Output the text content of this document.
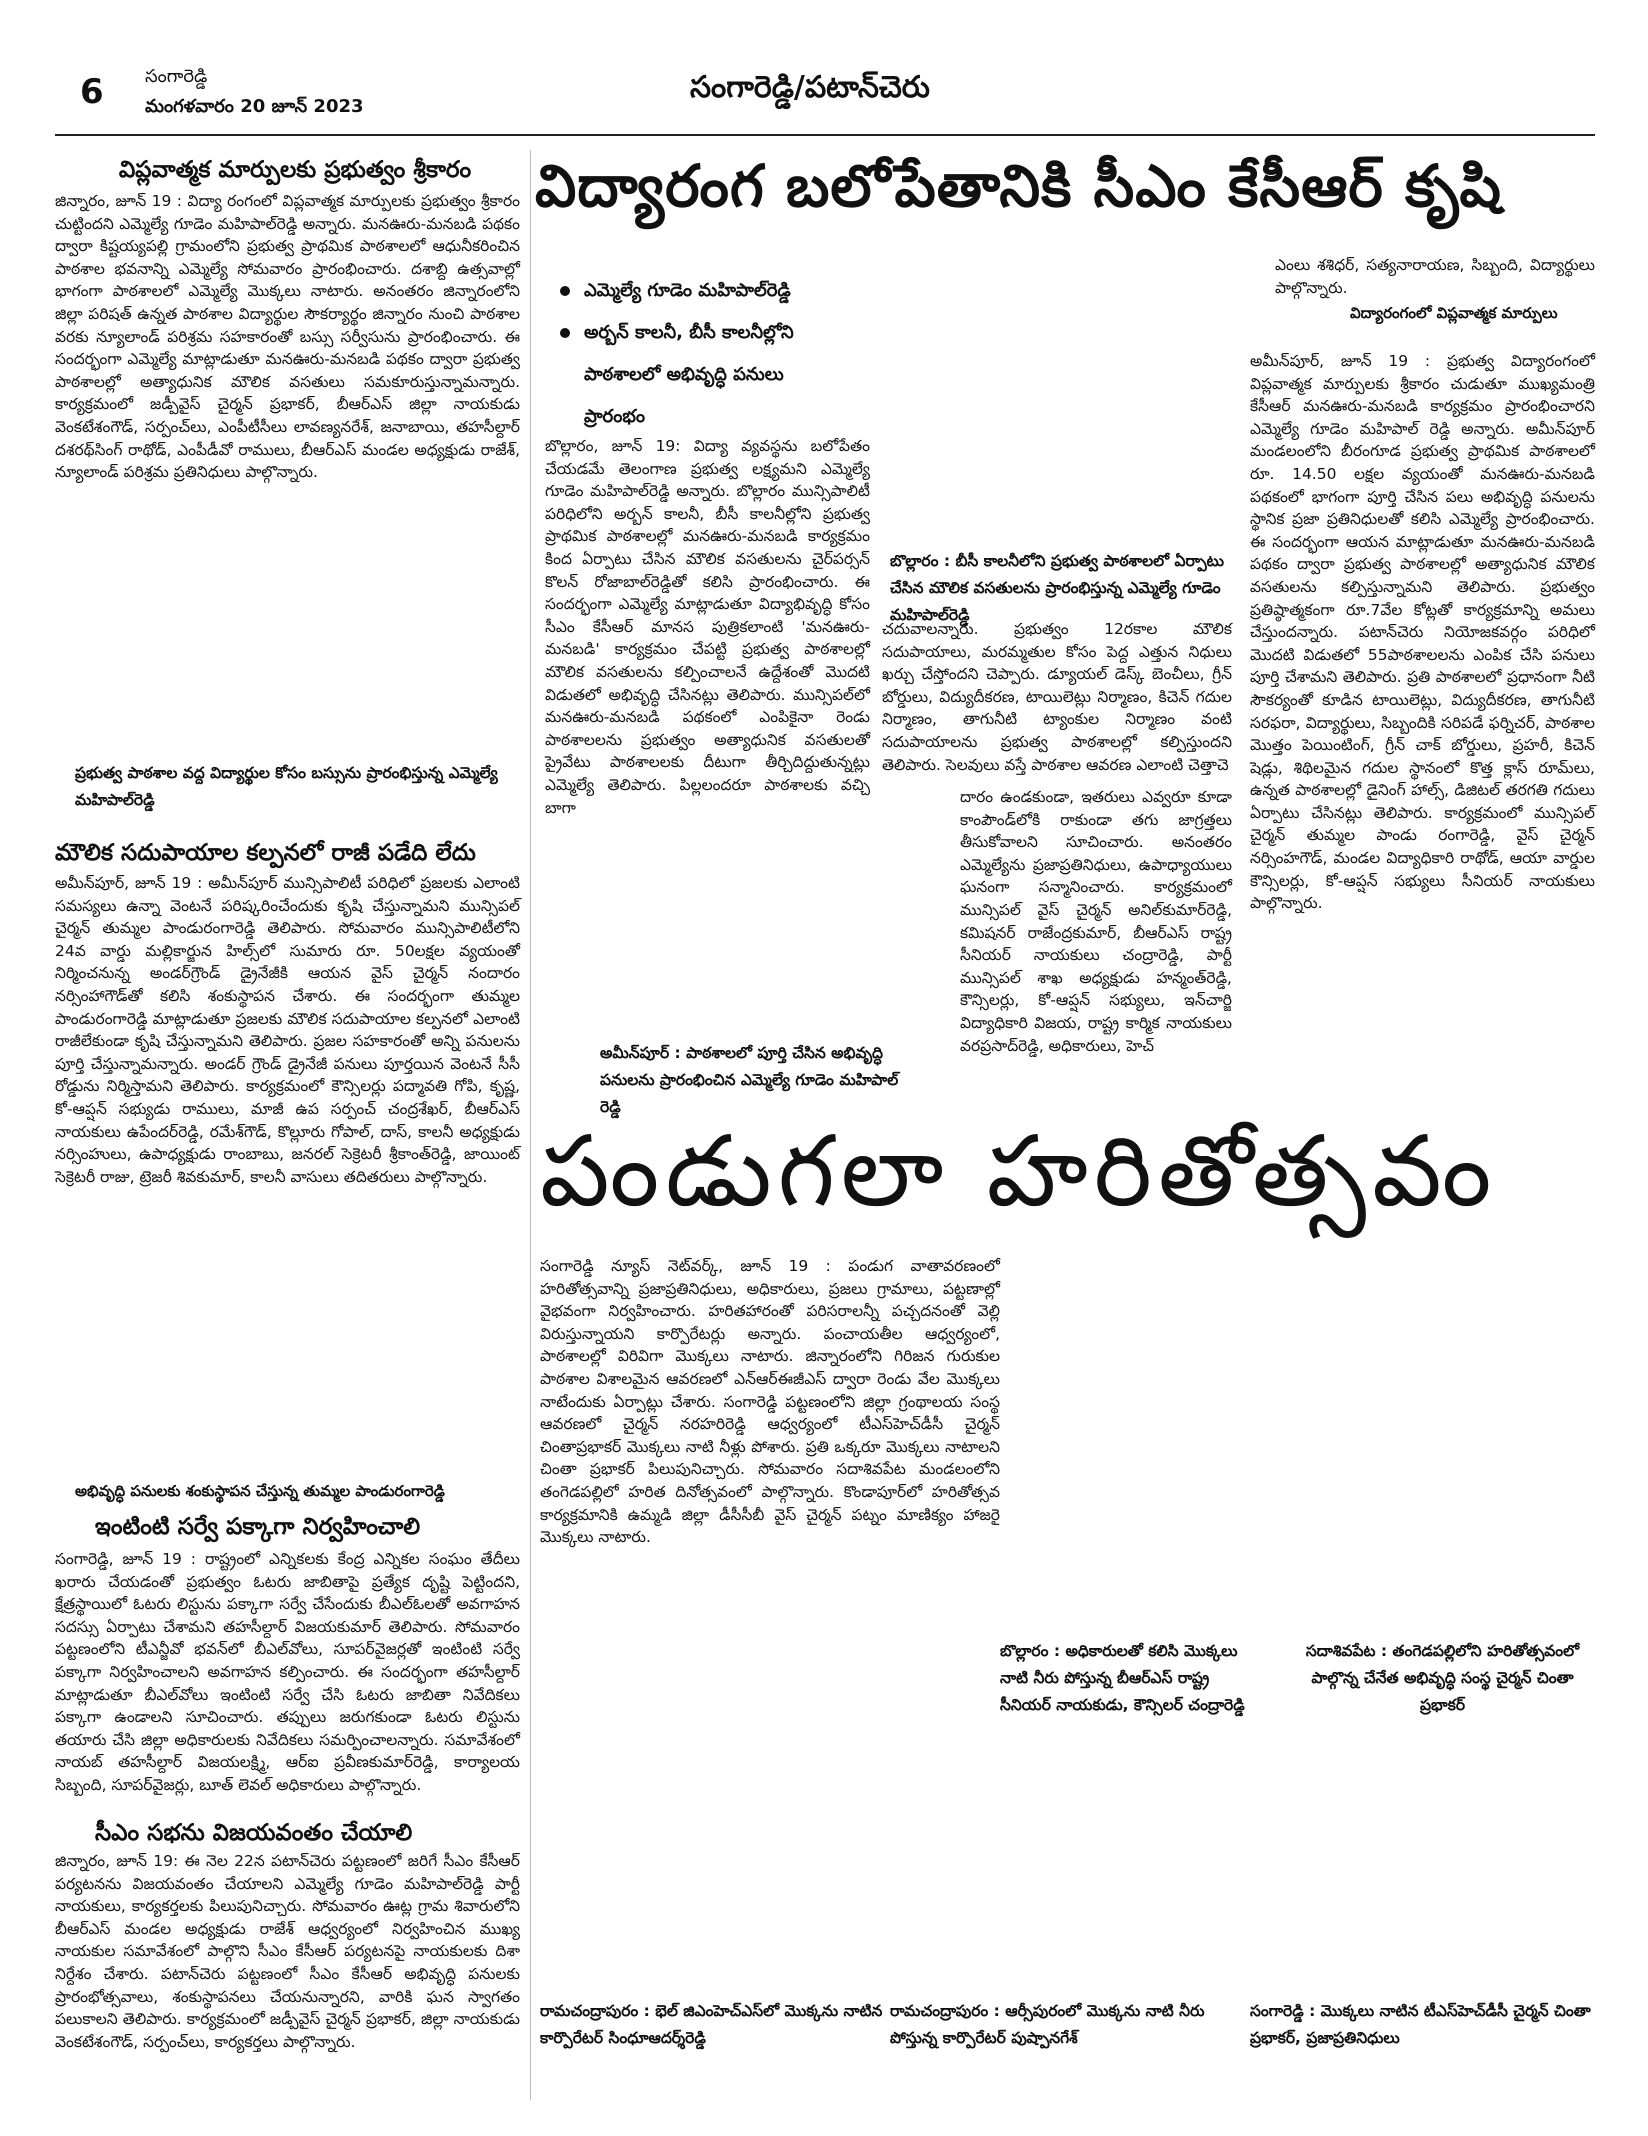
6 సంగారెడ్డి
మంగళవారం 20 జూన్ 2023
సంగారెడ్డి/పటాన్‌చెరు
విప్లవాత్మక మార్పులకు ప్రభుత్వం శ్రీకారం
జిన్నారం, జూన్ 19 : విద్యా రంగంలో విప్లవాత్మక మార్పులకు ప్రభుత్వం శ్రీకారం చుట్టిందని ఎమ్మెల్యే గూడెం మహిపాల్‌రెడ్డి అన్నారు. మనఊరు-మనబడి పథకం ద్వారా కిష్టయ్యపల్లి గ్రామంలోని ప్రభుత్వ ప్రాథమిక పాఠశాలలో ఆధునీకరించిన పాఠశాల భవనాన్ని ఎమ్మెల్యే సోమవారం ప్రారంభించారు. దశాబ్ది ఉత్సవాల్లో భాగంగా పాఠశాలలో ఎమ్మెల్యే మొక్కలు నాటారు. అనంతరం జిన్నారంలోని జిల్లా పరిషత్ ఉన్నత పాఠశాల విద్యార్థుల సౌకర్యార్థం జిన్నారం నుంచి పాఠశాల వరకు న్యూలాండ్ పరిశ్రమ సహకారంతో బస్సు సర్వీసును ప్రారంభించారు. ఈ సందర్భంగా ఎమ్మెల్యే మాట్లాడుతూ మనఊరు-మనబడి పథకం ద్వారా ప్రభుత్వ పాఠశాలల్లో అత్యాధునిక మౌలిక వసతులు సమకూరుస్తున్నామన్నారు. కార్యక్రమంలో జడ్పీవైస్ చైర్మన్ ప్రభాకర్, బీఆర్ఎస్ జిల్లా నాయకుడు వెంకటేశంగౌడ్, సర్పంచ్‌లు, ఎంపీటీసీలు లావణ్యనరేశ్, జనాబాయి, తహసీల్దార్ దశరథ్‌సింగ్ రాథోడ్, ఎంపీడీవో రాములు, బీఆర్ఎస్ మండల అధ్యక్షుడు రాజేశ్, న్యూలాండ్ పరిశ్రమ ప్రతినిధులు పాల్గొన్నారు.
ప్రభుత్వ పాఠశాల వద్ద విద్యార్థుల కోసం బస్సును ప్రారంభిస్తున్న ఎమ్మెల్యే మహిపాల్‌రెడ్డి
మౌలిక సదుపాయాల కల్పనలో రాజీ పడేది లేదు
అమీన్‌పూర్, జూన్ 19 : అమీన్‌పూర్ మున్సిపాలిటీ పరిధిలో ప్రజలకు ఎలాంటి సమస్యలు ఉన్నా వెంటనే పరిష్కరించేందుకు కృషి చేస్తున్నామని మున్సిపల్ చైర్మన్ తుమ్మల పాండురంగారెడ్డి తెలిపారు. సోమవారం మున్సిపాలిటీలోని 24వ వార్డు మల్లికార్జున హిల్స్‌లో సుమారు రూ. 50లక్షల వ్యయంతో నిర్మించనున్న అండర్‌గ్రౌండ్ డ్రైనేజీకి ఆయన వైస్ చైర్మన్ నందారం నర్సింహాగౌడ్‌తో కలిసి శంకుస్థాపన చేశారు. ఈ సందర్భంగా తుమ్మల పాండురంగారెడ్డి మాట్లాడుతూ ప్రజలకు మౌలిక సదుపాయాల కల్పనలో ఎలాంటి రాజీలేకుండా కృషి చేస్తున్నామని తెలిపారు. ప్రజల సహకారంతో అన్ని పనులను పూర్తి చేస్తున్నామన్నారు. అండర్ గ్రౌండ్ డ్రైనేజీ పనులు పూర్తయిన వెంటనే సీసీ రోడ్డును నిర్మిస్తామని తెలిపారు. కార్యక్రమంలో కౌన్సిలర్లు పద్మావతి గోపి, కృష్ణ, కో-ఆప్షన్ సభ్యుడు రాములు, మాజీ ఉప సర్పంచ్ చంద్రశేఖర్, బీఆర్ఎస్ నాయకులు ఉపేందర్‌రెడ్డి, రమేశ్‌గౌడ్, కొల్లూరు గోపాల్, దాస్, కాలనీ అధ్యక్షుడు నర్సింహులు, ఉపాధ్యక్షుడు రాంబాబు, జనరల్ సెక్రెటరీ శ్రీకాంత్‌రెడ్డి, జాయింట్ సెక్రెటరీ రాజు, ట్రెజరీ శివకుమార్, కాలనీ వాసులు తదితరులు పాల్గొన్నారు.
అభివృద్ధి పనులకు శంకుస్థాపన చేస్తున్న తుమ్మల పాండురంగారెడ్డి
ఇంటింటి సర్వే పక్కాగా నిర్వహించాలి
సంగారెడ్డి, జూన్ 19 : రాష్ట్రంలో ఎన్నికలకు కేంద్ర ఎన్నికల సంఘం తేదీలు ఖరారు చేయడంతో ప్రభుత్వం ఓటరు జాబితాపై ప్రత్యేక దృష్టి పెట్టిందని, క్షేత్రస్థాయిలో ఓటరు లిస్టును పక్కాగా సర్వే చేసేందుకు బీఎల్ఓలతో అవగాహన సదస్సు ఏర్పాటు చేశామని తహసీల్దార్ విజయకుమార్ తెలిపారు. సోమవారం పట్టణంలోని టీఎన్జీవో భవన్‌లో బీఎల్‌వోలు, సూపర్‌వైజర్లతో ఇంటింటి సర్వే పక్కాగా నిర్వహించాలని అవగాహన కల్పించారు. ఈ సందర్భంగా తహసీల్దార్ మాట్లాడుతూ బీఎల్‌వోలు ఇంటింటి సర్వే చేసి ఓటరు జాబితా నివేదికలు పక్కాగా ఉండాలని సూచించారు. తప్పులు జరుగకుండా ఓటరు లిస్టును తయారు చేసి జిల్లా అధికారులకు నివేదికలు సమర్పించాలన్నారు. సమావేశంలో నాయబ్ తహసీల్దార్ విజయలక్ష్మి, ఆర్ఐ ప్రవీణకుమార్‌రెడ్డి, కార్యాలయ సిబ్బంది, సూపర్‌వైజర్లు, బూత్ లెవల్ అధికారులు పాల్గొన్నారు.
సీఎం సభను విజయవంతం చేయాలి
జిన్నారం, జూన్ 19: ఈ నెల 22న పటాన్‌చెరు పట్టణంలో జరిగే సీఎం కేసీఆర్ పర్యటనను విజయవంతం చేయాలని ఎమ్మెల్యే గూడెం మహిపాల్‌రెడ్డి పార్టీ నాయకులు, కార్యకర్తలకు పిలుపునిచ్చారు. సోమవారం ఊట్ల గ్రామ శివారులోని బీఆర్ఎస్ మండల అధ్యక్షుడు రాజేశ్ ఆధ్వర్యంలో నిర్వహించిన ముఖ్య నాయకుల సమావేశంలో పాల్గొని సీఎం కేసీఆర్ పర్యటనపై నాయకులకు దిశా నిర్దేశం చేశారు. పటాన్‌చెరు పట్టణంలో సీఎం కేసీఆర్ అభివృద్ధి పనులకు ప్రారంభోత్సవాలు, శంకుస్థాపనలు చేయనున్నారని, వారికి ఘన స్వాగతం పలుకాలని తెలిపారు. కార్యక్రమంలో జడ్పీవైస్ చైర్మన్ ప్రభాకర్, జిల్లా నాయకుడు వెంకటేశంగౌడ్, సర్పంచ్‌లు, కార్యకర్తలు పాల్గొన్నారు.
విద్యారంగ బలోపేతానికి సీఎం కేసీఆర్ కృషి
ఎమ్మెల్యే గూడెం మహిపాల్‌రెడ్డి
అర్బన్ కాలనీ, బీసీ కాలనీల్లోని
పాఠశాలలో అభివృద్ధి పనులు
ప్రారంభం
బొల్లారం, జూన్ 19: విద్యా వ్యవస్థను బలోపేతం చేయడమే తెలంగాణ ప్రభుత్వ లక్ష్యమని ఎమ్మెల్యే గూడెం మహిపాల్‌రెడ్డి అన్నారు. బొల్లారం మున్సిపాలిటీ పరిధిలోని అర్బన్ కాలనీ, బీసీ కాలనీల్లోని ప్రభుత్వ ప్రాథమిక పాఠశాలల్లో మనఊరు-మనబడి కార్యక్రమం కింద ఏర్పాటు చేసిన మౌలిక వసతులను చైర్‌పర్సన్ కొలన్ రోజాబాల్‌రెడ్డితో కలిసి ప్రారంభించారు. ఈ సందర్భంగా ఎమ్మెల్యే మాట్లాడుతూ విద్యాభివృద్ధి కోసం సీఎం కేసీఆర్ మానస పుత్రికలాంటి 'మనఊరు-మనబడి' కార్యక్రమం చేపట్టి ప్రభుత్వ పాఠశాలల్లో మౌలిక వసతులను కల్పించాలనే ఉద్దేశంతో మొదటి విడుతలో అభివృద్ధి చేసినట్లు తెలిపారు. మున్సిపల్‌లో మనఊరు-మనబడి పథకంలో ఎంపికైనా రెండు పాఠశాలలను ప్రభుత్వం అత్యాధునిక వసతులతో ప్రైవేటు పాఠశాలలకు దీటుగా తీర్చిదిద్దుతున్నట్లు ఎమ్మెల్యే తెలిపారు. పిల్లలందరూ పాఠశాలకు వచ్చి బాగా
బొల్లారం : బీసీ కాలనీలోని ప్రభుత్వ పాఠశాలలో ఏర్పాటు చేసిన మౌలిక వసతులను ప్రారంభిస్తున్న ఎమ్మెల్యే గూడెం మహిపాల్‌రెడ్డి
చదువాలన్నారు. ప్రభుత్వం 12రకాల మౌలిక సదుపాయాలు, మరమ్మతుల కోసం పెద్ద ఎత్తున నిధులు ఖర్చు చేస్తోందని చెప్పారు. డ్యూయల్ డెస్క్ బెంచీలు, గ్రీన్ బోర్డులు, విద్యుదీకరణ, టాయిలెట్లు నిర్మాణం, కిచెన్ గదుల నిర్మాణం, తాగునీటి ట్యాంకుల నిర్మాణం వంటి సదుపాయాలను ప్రభుత్వ పాఠశాలల్లో కల్పిస్తుందని తెలిపారు. సెలవులు వస్తే పాఠశాల ఆవరణ ఎలాంటి చెత్తాచె
దారం ఉండకుండా, ఇతరులు ఎవ్వరూ కూడా కాంపౌండ్‌లోకి రాకుండా తగు జాగ్రత్తలు తీసుకోవాలని సూచించారు. అనంతరం ఎమ్మెల్యేను ప్రజాప్రతినిధులు, ఉపాధ్యాయులు ఘనంగా సన్మానించారు. కార్యక్రమంలో మున్సిపల్ వైస్ చైర్మన్ అనిల్‌కుమార్‌రెడ్డి, కమిషనర్ రాజేంద్రకుమార్, బీఆర్ఎస్ రాష్ట్ర సీనియర్ నాయకులు చంద్రారెడ్డి, పార్టీ మున్సిపల్ శాఖ అధ్యక్షుడు హన్మంత్‌రెడ్డి, కౌన్సిలర్లు, కో-ఆప్షన్ సభ్యులు, ఇన్‌చార్జి విద్యాధికారి విజయ, రాష్ట్ర కార్మిక నాయకులు వరప్రసాద్‌రెడ్డి, అధికారులు, హెచ్
అమీన్‌పూర్ : పాఠశాలలో పూర్తి చేసిన అభివృద్ధి పనులను ప్రారంభించిన ఎమ్మెల్యే గూడెం మహిపాల్ రెడ్డి
ఎంలు శశిధర్, సత్యనారాయణ, సిబ్బంది, విద్యార్థులు పాల్గొన్నారు.
విద్యారంగంలో విప్లవాత్మక మార్పులు
అమీన్‌పూర్, జూన్ 19 : ప్రభుత్వ విద్యారంగంలో విప్లవాత్మక మార్పులకు శ్రీకారం చుడుతూ ముఖ్యమంత్రి కేసీఆర్ మనఊరు-మనబడి కార్యక్రమం ప్రారంభించారని ఎమ్మెల్యే గూడెం మహిపాల్ రెడ్డి అన్నారు. అమీన్‌పూర్ మండలంలోని బీరంగూడ ప్రభుత్వ ప్రాథమిక పాఠశాలలో రూ. 14.50 లక్షల వ్యయంతో మనఊరు-మనబడి పథకంలో భాగంగా పూర్తి చేసిన పలు అభివృద్ధి పనులను స్థానిక ప్రజా ప్రతినిధులతో కలిసి ఎమ్మెల్యే ప్రారంభించారు. ఈ సందర్భంగా ఆయన మాట్లాడుతూ మనఊరు-మనబడి పథకం ద్వారా ప్రభుత్వ పాఠశాలల్లో అత్యాధునిక మౌలిక వసతులను కల్పిస్తున్నామని తెలిపారు. ప్రభుత్వం ప్రతిష్ఠాత్మకంగా రూ.7వేల కోట్లతో కార్యక్రమాన్ని అమలు చేస్తుందన్నారు. పటాన్‌చెరు నియోజకవర్గం పరిధిలో మొదటి విడుతలో 55పాఠశాలలను ఎంపిక చేసి పనులు పూర్తి చేశామని తెలిపారు. ప్రతి పాఠశాలలో ప్రధానంగా నీటి సౌకర్యంతో కూడిన టాయిలెట్లు, విద్యుదీకరణ, తాగునీటి సరఫరా, విద్యార్థులు, సిబ్బందికి సరిపడే ఫర్నిచర్, పాఠశాల మొత్తం పెయింటింగ్, గ్రీన్ చాక్ బోర్డులు, ప్రహరీ, కిచెన్ షెడ్లు, శిథిలమైన గదుల స్థానంలో కొత్త క్లాస్ రూమ్‌లు, ఉన్నత పాఠశాలల్లో డైనింగ్ హాల్స్, డిజిటల్ తరగతి గదులు ఏర్పాటు చేసినట్లు తెలిపారు. కార్యక్రమంలో మున్సిపల్ చైర్మన్ తుమ్మల పాండు రంగారెడ్డి, వైస్ చైర్మన్ నర్సింహగౌడ్, మండల విద్యాధికారి రాథోడ్, ఆయా వార్డుల కౌన్సిలర్లు, కో-ఆప్షన్ సభ్యులు సీనియర్ నాయకులు పాల్గొన్నారు.
పండుగలా హరితోత్సవం
సంగారెడ్డి న్యూస్ నెట్‌వర్క్, జూన్ 19 : పండుగ వాతావరణంలో హరితోత్సవాన్ని ప్రజాప్రతినిధులు, అధికారులు, ప్రజలు గ్రామాలు, పట్టణాల్లో వైభవంగా నిర్వహించారు. హరితహారంతో పరిసరాలన్నీ పచ్చదనంతో వెల్లి విరుస్తున్నాయని కార్పొరేటర్లు అన్నారు. పంచాయతీల ఆధ్వర్యంలో, పాఠశాలల్లో విరివిగా మొక్కలు నాటారు. జిన్నారంలోని గిరిజన గురుకుల పాఠశాల విశాలమైన ఆవరణలో ఎన్ఆర్ఈజీఎస్ ద్వారా రెండు వేల మొక్కలు నాటేందుకు ఏర్పాట్లు చేశారు. సంగారెడ్డి పట్టణంలోని జిల్లా గ్రంథాలయ సంస్థ ఆవరణలో చైర్మన్ నరహరిరెడ్డి ఆధ్వర్యంలో టీఎస్‌హెచ్‌డీసీ చైర్మన్ చింతాప్రభాకర్ మొక్కలు నాటి నీళ్లు పోశారు. ప్రతి ఒక్కరూ మొక్కలు నాటాలని చింతా ప్రభాకర్ పిలుపునిచ్చారు. సోమవారం సదాశివపేట మండలంలోని తంగెడపల్లిలో హరిత దినోత్సవంలో పాల్గొన్నారు. కొండాపూర్‌లో హరితోత్సవ కార్యక్రమానికి ఉమ్మడి జిల్లా డీసీసీబీ వైస్ చైర్మన్ పట్నం మాణిక్యం హాజరై మొక్కలు నాటారు.
బొల్లారం : అధికారులతో కలిసి మొక్కలు నాటి నీరు పోస్తున్న బీఆర్ఎస్ రాష్ట్ర సీనియర్ నాయకుడు, కౌన్సిలర్ చంద్రారెడ్డి
సదాశివపేట : తంగెడపల్లిలోని హరితోత్సవంలో పాల్గొన్న చేనేత అభివృద్ధి సంస్థ చైర్మన్ చింతా ప్రభాకర్
రామచంద్రాపురం : భెల్ జిఎంహెచ్ఎస్‌లో మొక్కను నాటిన కార్పొరేటర్ సింధూఆదర్శ్‌రెడ్డి
రామచంద్రాపురం : ఆర్సీపురంలో మొక్కను నాటి నీరు పోస్తున్న కార్పొరేటర్ పుష్పానగేశ్
సంగారెడ్డి : మొక్కలు నాటిన టీఎస్‌హెచ్‌డీసీ చైర్మన్ చింతా ప్రభాకర్, ప్రజాప్రతినిధులు
